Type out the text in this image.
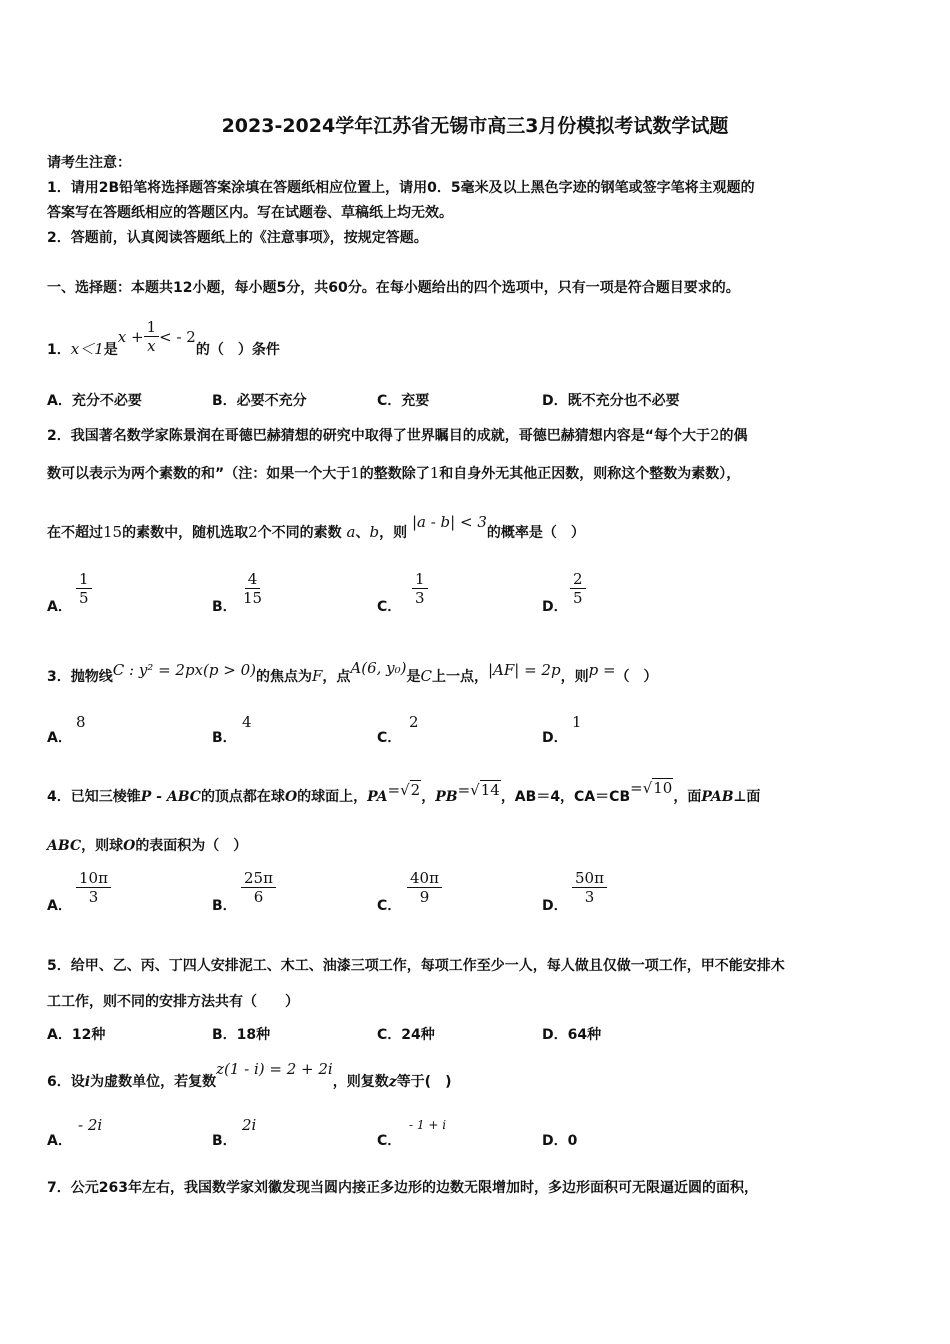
2023-2024学年江苏省无锡市高三3月份模拟考试数学试题
请考生注意：
1．请用2B铅笔将选择题答案涂填在答题纸相应位置上，请用0．5毫米及以上黑色字迹的钢笔或签字笔将主观题的
答案写在答题纸相应的答题区内。写在试题卷、草稿纸上均无效。
2．答题前，认真阅读答题纸上的《注意事项》，按规定答题。
一、选择题：本题共12小题，每小题5分，共60分。在每小题给出的四个选项中，只有一项是符合题目要求的。
1． x＜1 是
$x + \frac{1}{x}$ < - 2
的（　）条件
A．充分不必要	B．必要不充分	C．充要	D．既不充分也不必要
2．我国著名数学家陈景润在哥德巴赫猜想的研究中取得了世界瞩目的成就，哥德巴赫猜想内容是“每个大于2的偶
数可以表示为两个素数的和”（注：如果一个大于1的整数除了1和自身外无其他正因数，则称这个整数为素数），
在不超过15的素数中，随机选取2个不同的素数 a、b，则 |a - b| < 3的概率是（　）
A． $\frac{1}{5}$	B． $\frac{4}{15}$	C． $\frac{1}{3}$	D． $\frac{2}{5}$
3．抛物线C : y² = 2px(p > 0)的焦点为F，点A(6, y₀)是C上一点，|AF| = 2p，则p =（　）
A．
8
B．
4
C．
2
D．
1
4．已知三棱锥P - ABC的顶点都在球O的球面上，PA=√2，PB=√14，AB＝4，CA＝CB=√10，面PAB⊥面
ABC，则球O的表面积为（　）
A． $\frac{10\pi}{3}$	B． $\frac{25\pi}{6}$	C． $\frac{40\pi}{9}$	D． $\frac{50\pi}{3}$
5．给甲、乙、丙、丁四人安排泥工、木工、油漆三项工作，每项工作至少一人，每人做且仅做一项工作，甲不能安排木
工工作，则不同的安排方法共有（　　）
A．12种	B．18种	C．24种	D．64种
6．设i为虚数单位，若复数z(1 - i) = 2 + 2i，则复数z等于(　)
A．
- 2i
B．
2i
C．
- 1 + i
D．0
7．公元263年左右，我国数学家刘徽发现当圆内接正多边形的边数无限增加时，多边形面积可无限逼近圆的面积，
